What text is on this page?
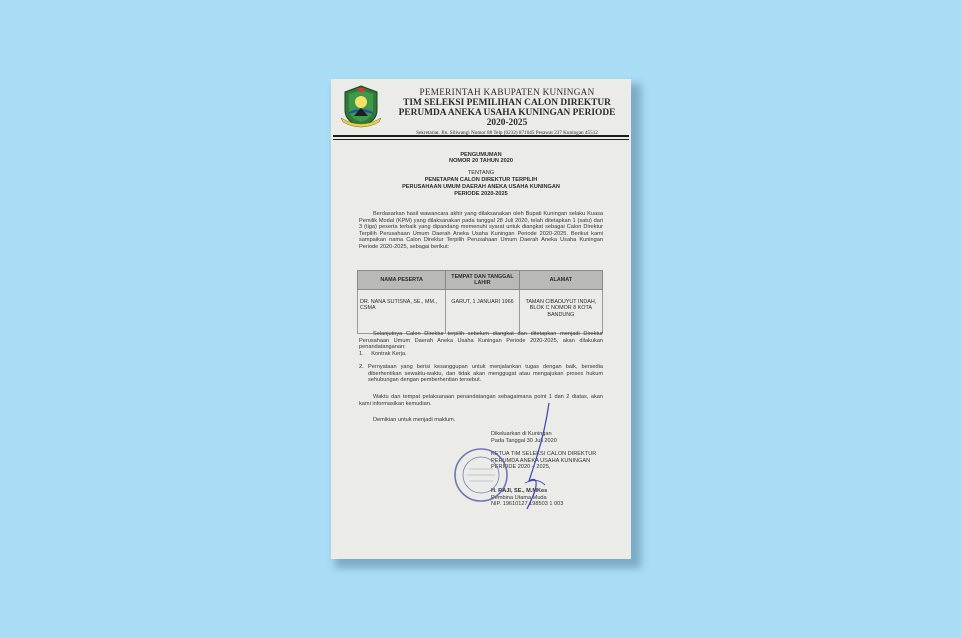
PEMERINTAH KABUPATEN KUNINGAN
TIM SELEKSI PEMILIHAN CALON DIREKTUR
PERUMDA ANEKA USAHA KUNINGAN PERIODE 2020-2025
Sekretariat. Jln. Siliwangi Nomor 88 Telp (0232) 871045 Pesawat 237 Kuningan 45512
PENGUMUMAN
NOMOR 20 TAHUN 2020
TENTANG
PENETAPAN CALON DIREKTUR TERPILIH
PERUSAHAAN UMUM DAERAH ANEKA USAHA KUNINGAN
PERIODE 2020-2025
Berdasarkan hasil wawancara akhir yang dilaksanakan oleh Bupati Kuningan selaku Kuasa Pemilik Modal (KPM) yang dilaksanakan pada tanggal 28 Juli 2020, telah ditetapkan 1 (satu) dari 3 (tiga) peserta terbaik yang dipandang memenuhi syarat untuk diangkat sebagai Calon Direktur Terpilih Perusahaan Umum Daerah Aneka Usaha Kuningan Periode 2020-2025. Berikut kami sampaikan nama Calon Direktur Terpilih Perusahaan Umum Daerah Aneka Usaha Kuningan Periode 2020-2025, sebagai berikut:
NAMA PESERTA	TEMPAT DAN TANGGAL LAHIR	ALAMAT
DR. NANA SUTISNA, SE., MM., CSMA	GARUT, 1 JANUARI 1966	TAMAN CIBADUYUT INDAH, BLOK C NOMOR 8 KOTA BANDUNG
Selanjutnya Calon Direktur terpilih sebelum diangkat dan ditetapkan menjadi Direktur Perusahaan Umum Daerah Aneka Usaha Kuningan Periode 2020-2025, akan dilakukan penandatanganan:
1. Kontrak Kerja.
2. Pernyataan yang berisi kesanggupan untuk menjalankan tugas dengan baik, bersedia diberhentikan sewaktu-waktu, dan tidak akan menggugat atau mengajukan proses hukum sehubungan dengan pemberhentian tersebut.
Waktu dan tempat pelaksanaan penandatangan sebagaimana point 1 dan 2 diatas, akan kami informasikan kemudian.
Demikian untuk menjadi maklum.
Dikeluarkan di Kuningan
Pada Tanggal 30 Juli 2020
KETUA TIM SELEKSI CALON DIREKTUR
PERUMDA ANEKA USAHA KUNINGAN
PERIODE 2020 – 2025,
H. RAJI, SE., M.MKes
Pembina Utama Muda
NIP. 19610127 198503 1 003
